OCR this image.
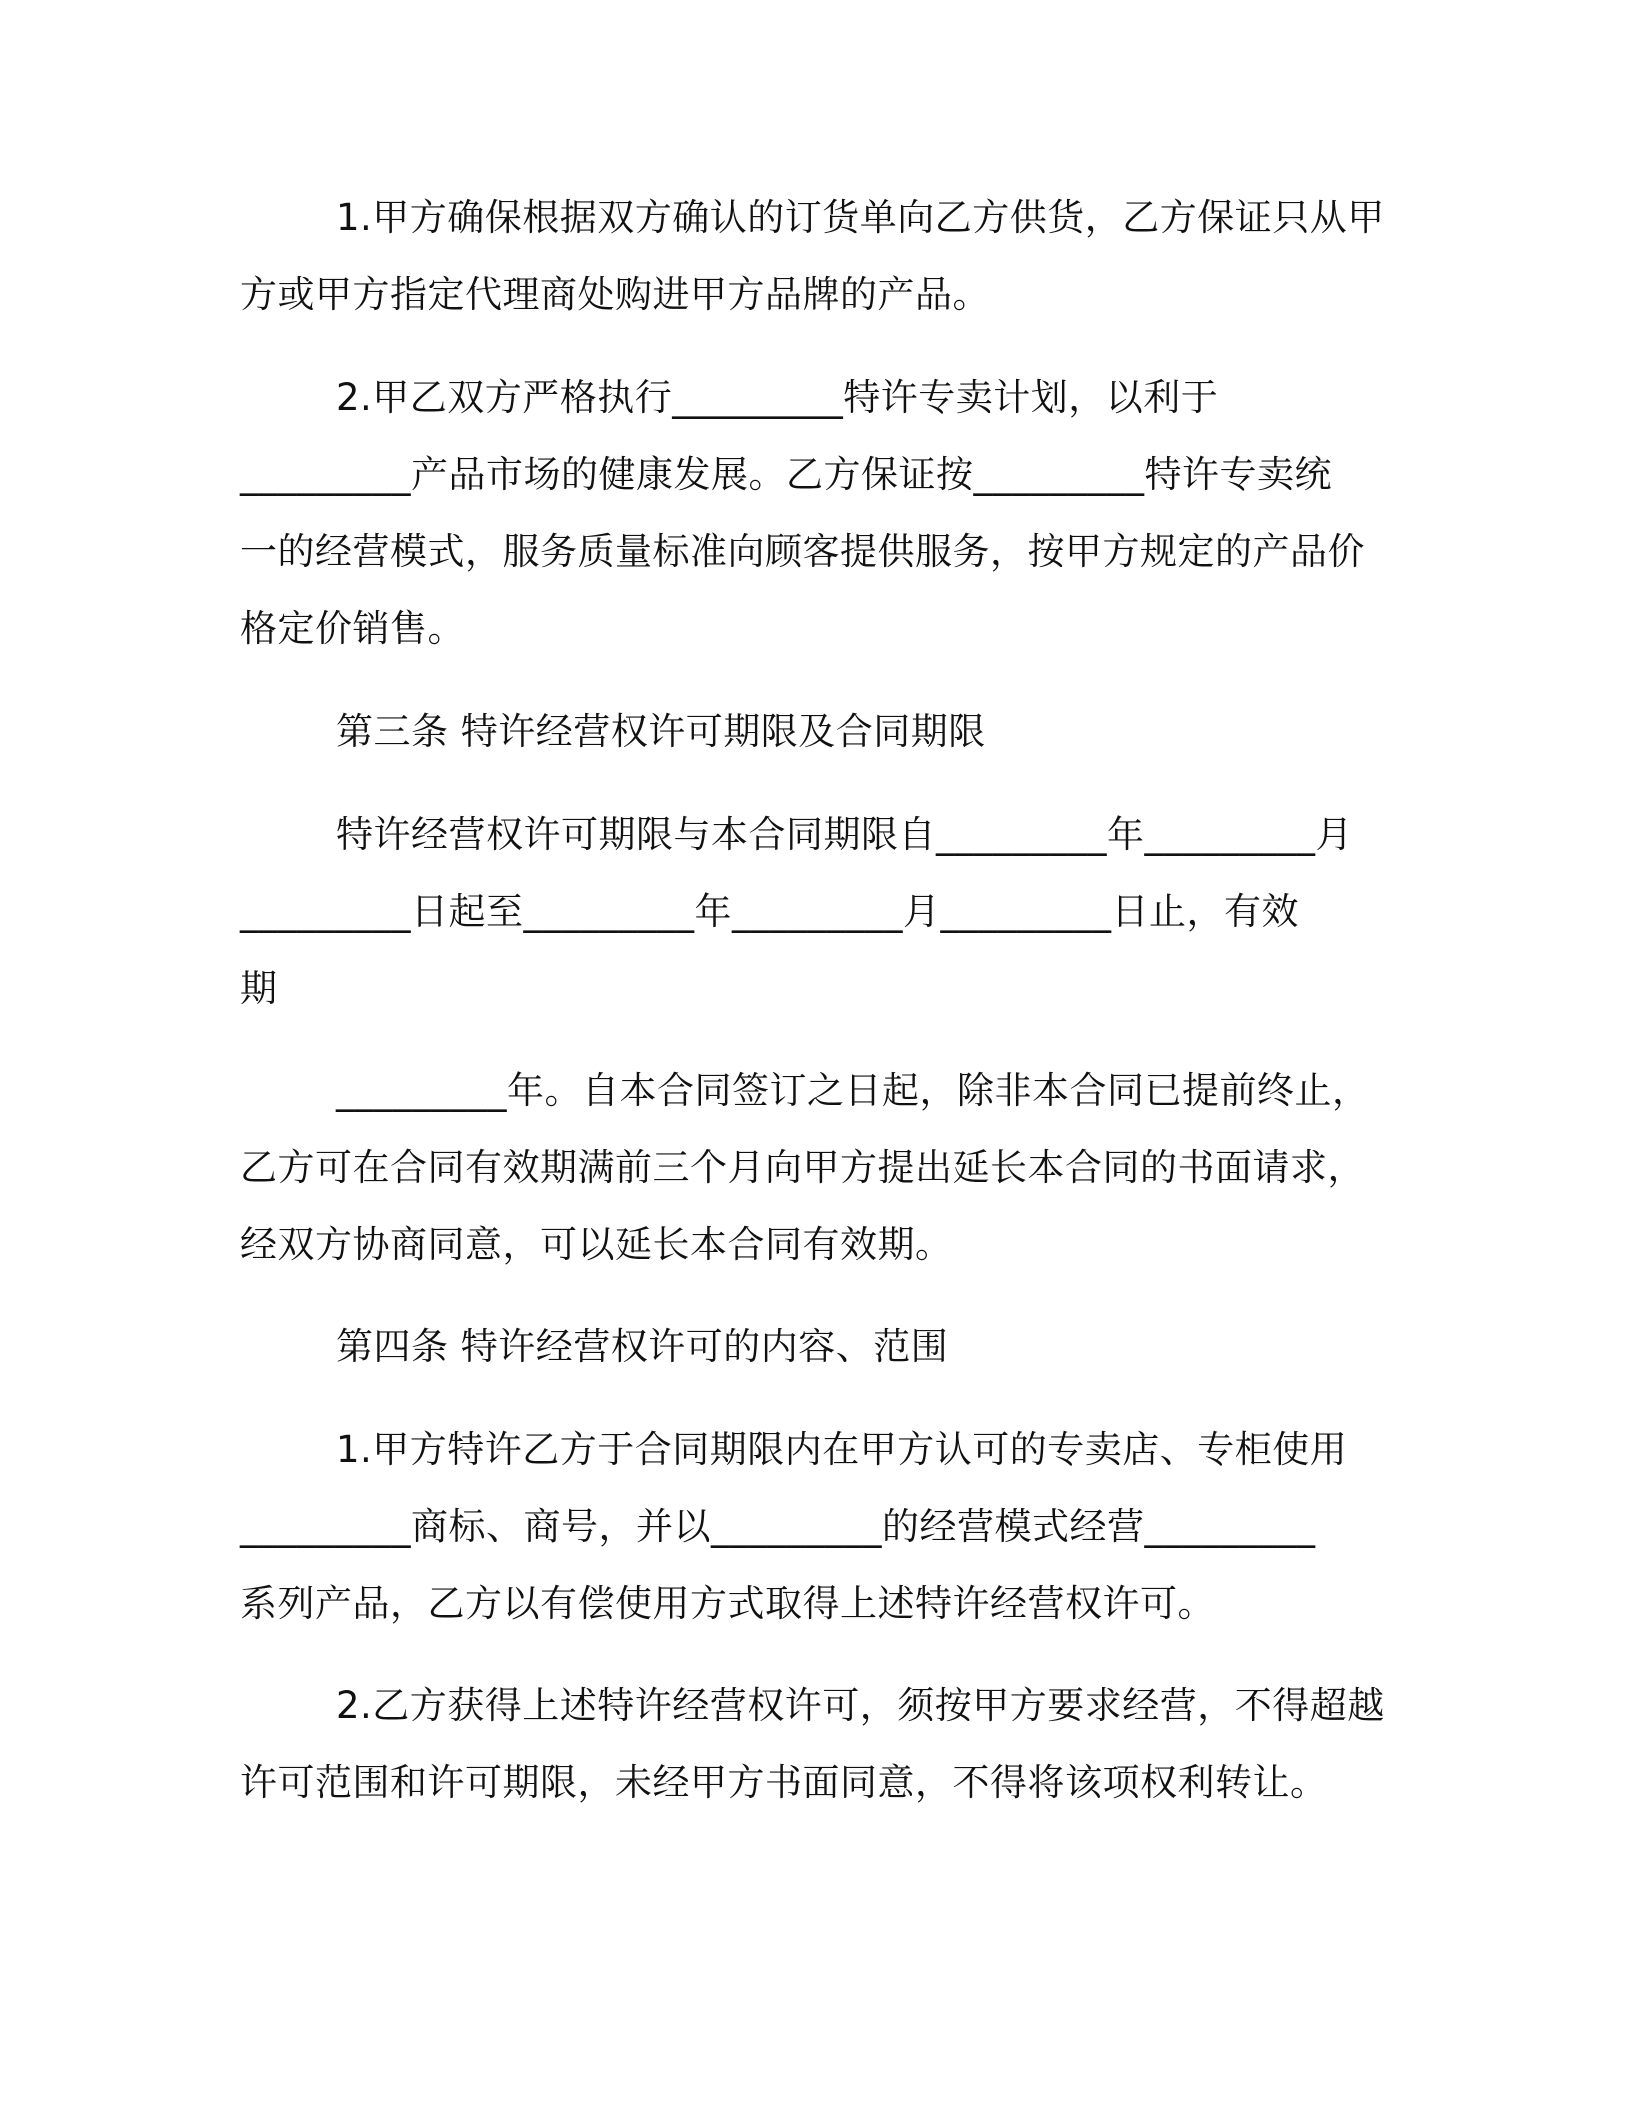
1.甲方确保根据双方确认的订货单向乙方供货，乙方保证只从甲
方或甲方指定代理商处购进甲方品牌的产品。
2.甲乙双方严格执行_________特许专卖计划，以利于
_________产品市场的健康发展。乙方保证按_________特许专卖统
一的经营模式，服务质量标准向顾客提供服务，按甲方规定的产品价
格定价销售。
第三条 特许经营权许可期限及合同期限
特许经营权许可期限与本合同期限自_________年_________月
_________日起至_________年_________月_________日止，有效
期
_________年。自本合同签订之日起，除非本合同已提前终止，
乙方可在合同有效期满前三个月向甲方提出延长本合同的书面请求，
经双方协商同意，可以延长本合同有效期。
第四条 特许经营权许可的内容、范围
1.甲方特许乙方于合同期限内在甲方认可的专卖店、专柜使用
_________商标、商号，并以_________的经营模式经营_________
系列产品，乙方以有偿使用方式取得上述特许经营权许可。
2.乙方获得上述特许经营权许可，须按甲方要求经营，不得超越
许可范围和许可期限，未经甲方书面同意，不得将该项权利转让。
